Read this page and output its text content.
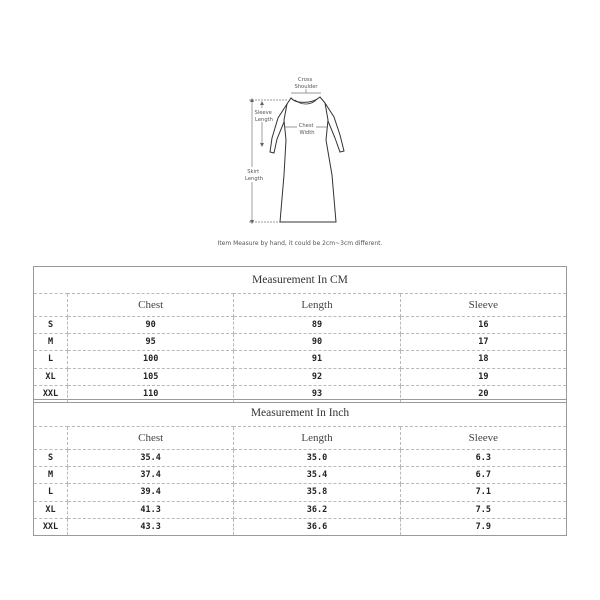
Cross Shoulder
Sleeve Length
Chest Width
Skirt Length
Item Measure by hand, it could be 2cm~3cm different.
Measurement In CM			
	Chest	Length	Sleeve
S	90	89	16
M	95	90	17
L	100	91	18
XL	105	92	19
XXL	110	93	20
Measurement In Inch			
	Chest	Length	Sleeve
S	35.4	35.0	6.3
M	37.4	35.4	6.7
L	39.4	35.8	7.1
XL	41.3	36.2	7.5
XXL	43.3	36.6	7.9
